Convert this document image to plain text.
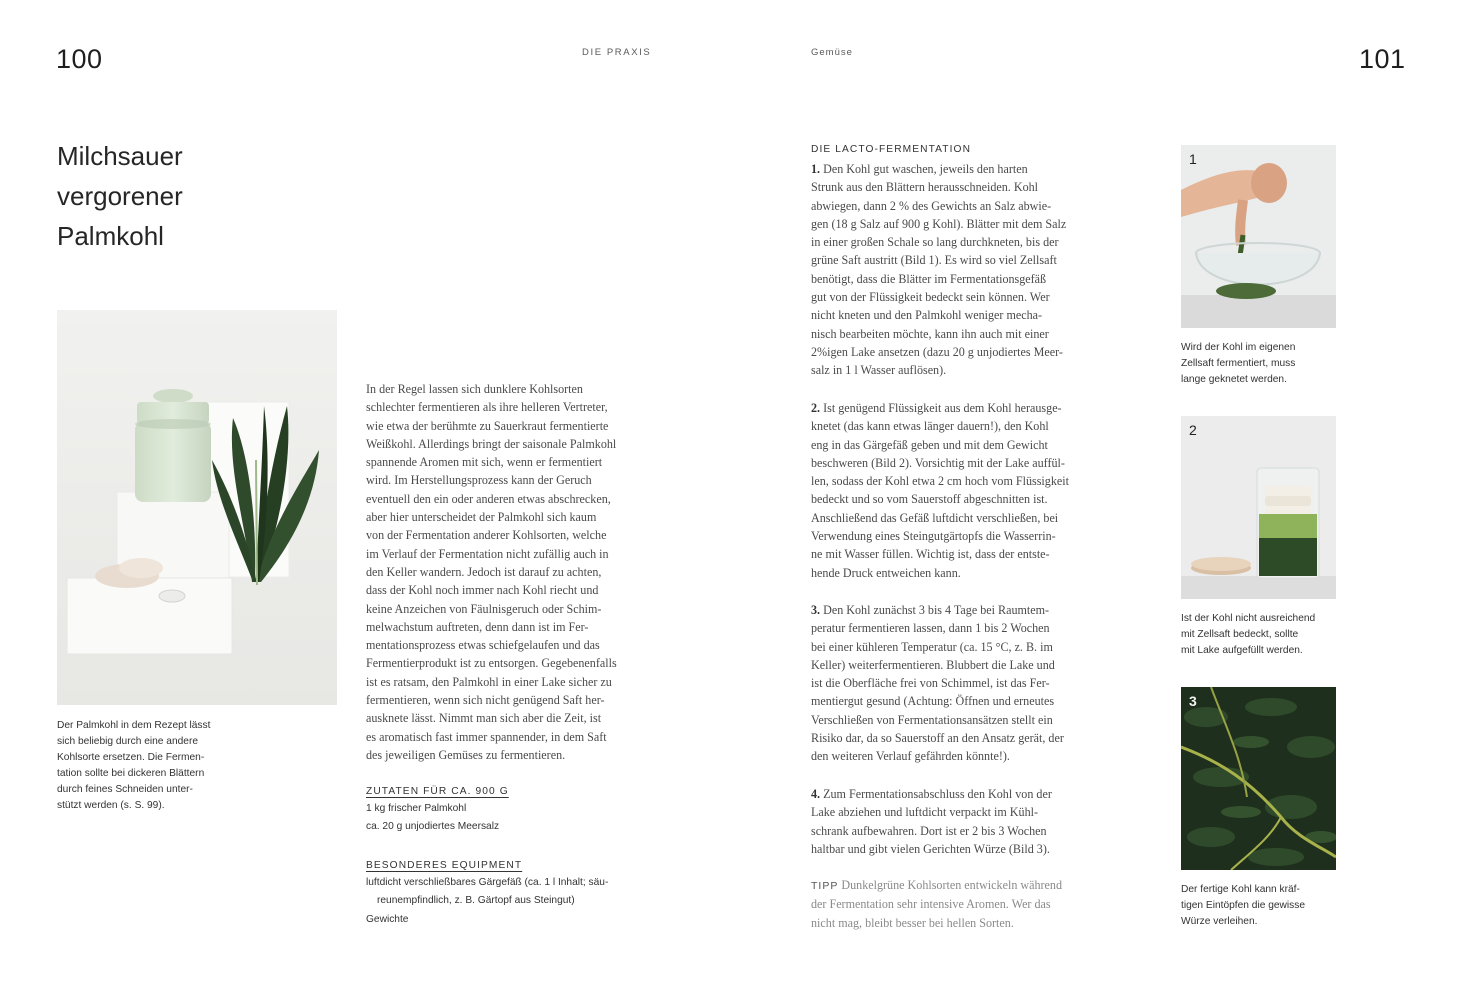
100	DIE PRAXIS	Gemüse	101
Milchsauer
vergorener
Palmkohl
Der Palmkohl in dem Rezept lässt
sich beliebig durch eine andere
Kohlsorte ersetzen. Die Fermen-
tation sollte bei dickeren Blättern
durch feines Schneiden unter-
stützt werden (s. S. 99).
In der Regel lassen sich dunklere Kohlsorten
schlechter fermentieren als ihre helleren Vertreter,
wie etwa der berühmte zu Sauerkraut fermentierte
Weißkohl. Allerdings bringt der saisonale Palmkohl
spannende Aromen mit sich, wenn er fermentiert
wird. Im Herstellungsprozess kann der Geruch
eventuell den ein oder anderen etwas abschrecken,
aber hier unterscheidet der Palmkohl sich kaum
von der Fermentation anderer Kohlsorten, welche
im Verlauf der Fermentation nicht zufällig auch in
den Keller wandern. Jedoch ist darauf zu achten,
dass der Kohl noch immer nach Kohl riecht und
keine Anzeichen von Fäulnisgeruch oder Schim-
melwachstum auftreten, denn dann ist im Fer-
mentationsprozess etwas schiefgelaufen und das
Fermentierprodukt ist zu entsorgen. Gegebenenfalls
ist es ratsam, den Palmkohl in einer Lake sicher zu
fermentieren, wenn sich nicht genügend Saft her-
ausknete lässt. Nimmt man sich aber die Zeit, ist
es aromatisch fast immer spannender, in dem Saft
des jeweiligen Gemüses zu fermentieren.
ZUTATEN FÜR CA. 900 G
1 kg frischer Palmkohl
ca. 20 g unjodiertes Meersalz
BESONDERES EQUIPMENT
luftdicht verschließbares Gärgefäß (ca. 1 l Inhalt; säu-
reunempfindlich, z. B. Gärtopf aus Steingut)
Gewichte
DIE LACTO-FERMENTATION
1. Den Kohl gut waschen, jeweils den harten
Strunk aus den Blättern herausschneiden. Kohl
abwiegen, dann 2 % des Gewichts an Salz abwie-
gen (18 g Salz auf 900 g Kohl). Blätter mit dem Salz
in einer großen Schale so lang durchkneten, bis der
grüne Saft austritt (Bild 1). Es wird so viel Zellsaft
benötigt, dass die Blätter im Fermentationsgefäß
gut von der Flüssigkeit bedeckt sein können. Wer
nicht kneten und den Palmkohl weniger mecha-
nisch bearbeiten möchte, kann ihn auch mit einer
2%igen Lake ansetzen (dazu 20 g unjodiertes Meer-
salz in 1 l Wasser auflösen).
2. Ist genügend Flüssigkeit aus dem Kohl herausge-
knetet (das kann etwas länger dauern!), den Kohl
eng in das Gärgefäß geben und mit dem Gewicht
beschweren (Bild 2). Vorsichtig mit der Lake auffül-
len, sodass der Kohl etwa 2 cm hoch vom Flüssigkeit
bedeckt und so vom Sauerstoff abgeschnitten ist.
Anschließend das Gefäß luftdicht verschließen, bei
Verwendung eines Steingutgärtopfs die Wasserrin-
ne mit Wasser füllen. Wichtig ist, dass der entste-
hende Druck entweichen kann.
3. Den Kohl zunächst 3 bis 4 Tage bei Raumtem-
peratur fermentieren lassen, dann 1 bis 2 Wochen
bei einer kühleren Temperatur (ca. 15 °C, z. B. im
Keller) weiterfermentieren. Blubbert die Lake und
ist die Oberfläche frei von Schimmel, ist das Fer-
mentiergut gesund (Achtung: Öffnen und erneutes
Verschließen von Fermentationsansätzen stellt ein
Risiko dar, da so Sauerstoff an den Ansatz gerät, der
den weiteren Verlauf gefährden könnte!).
4. Zum Fermentationsabschluss den Kohl von der
Lake abziehen und luftdicht verpackt im Kühl-
schrank aufbewahren. Dort ist er 2 bis 3 Wochen
haltbar und gibt vielen Gerichten Würze (Bild 3).
TIPP Dunkelgrüne Kohlsorten entwickeln während
der Fermentation sehr intensive Aromen. Wer das
nicht mag, bleibt besser bei hellen Sorten.
1
Wird der Kohl im eigenen
Zellsaft fermentiert, muss
lange geknetet werden.
2
Ist der Kohl nicht ausreichend
mit Zellsaft bedeckt, sollte
mit Lake aufgefüllt werden.
3
Der fertige Kohl kann kräf-
tigen Eintöpfen die gewisse
Würze verleihen.
